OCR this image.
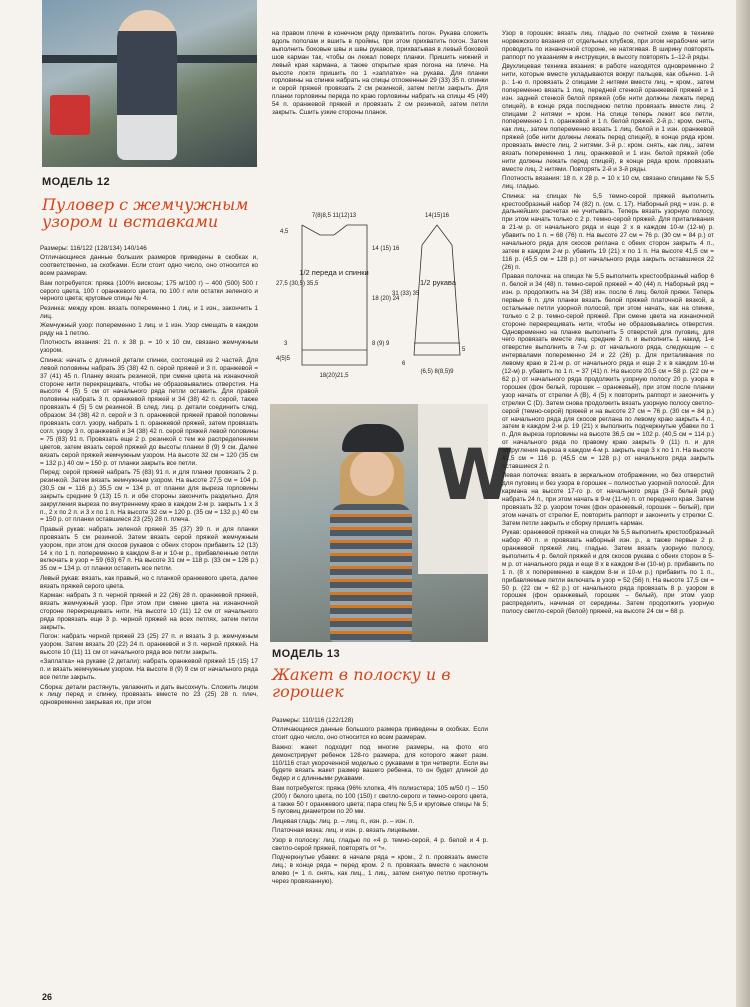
МОДЕЛЬ 12
Пуловер с жемчужным узором и вставками

Размеры: 116/122 (128/134) 140/146

Отличающиеся данные больших размеров приведены в скобках и, соответственно, за скобками. Если стоит одно число, оно относится ко всем размерам.

Вам потребуется: пряжа (100% вискозы; 175 м/100 г) – 400 (500) 500 г серого цвета, 100 г оранжевого цвета, по 100 г или остатки зеленого и черного цвета; круговые спицы № 4.

Резинка: между кром. вязать попеременно 1 лиц. и 1 изн., закончить 1 лиц.

Жемчужный узор: попеременно 1 лиц. и 1 изн. Узор смещать в каждом ряду на 1 петлю.

Плотность вязания: 21 п. x 38 р. = 10 x 10 см, связано жемчужным узором.

Спинка: начать с длинной детали спинки, состоящей из 2 частей. Для левой половины набрать 35 (38) 42 п. серой пряжей и 3 п. оранжевой = 37 (41) 45 п. Планку вязать резинкой, при смене цвета на изнаночной стороне нити перекрещивать, чтобы не образовывались отверстия. На высоте 4 (5) 5 см от начального ряда петли оставить. Для правой половины набрать 3 п. оранжевой пряжей и 34 (38) 42 п. серой, также провязать 4 (5) 5 см резинкой. В след. лиц. р. детали соединить след. образом: 34 (38) 42 п. серой и 3 п. оранжевой пряжей правой половины провязать согл. узору, набрать 1 п. оранжевой пряжей, затем провязать согл. узору 3 п. оранжевой и 34 (38) 42 п. серой пряжей левой половины = 75 (83) 91 п. Провязать еще 2 р. резинкой с тем же распределением цветов, затем вязать серой пряжей до высоты планки 8 (9) 9 см. Далее вязать серой пряжей жемчужным узором. На высоте 32 см = 120 (35 см = 132 р.) 40 см = 150 р. от планки закрыть все петли.

Перед: серой пряжей набрать 75 (83) 91 п. и для планки провязать 2 р. резинкой. Затем вязать жемчужным узором. На высоте 27,5 см = 104 р. (30,5 см = 116 р.) 35,5 см = 134 р. от планки для выреза горловины закрыть средние 9 (13) 15 п. и обе стороны закончить раздельно. Для закругления выреза по внутреннему краю в каждом 2-м р. закрыть 1 x 3 п., 2 x по 2 п. и 3 x по 1 п. На высоте 32 см = 120 р. (35 см = 132 р.) 40 см = 150 р. от планки оставшиеся 23 (25) 28 п. плеча.

Правый рукав: набрать зеленой пряжей 35 (37) 39 п. и для планки провязать 5 см резинкой. Затем вязать серой пряжей жемчужным узором, при этом для скосов рукавов с обеих сторон прибавить 12 (13) 14 x по 1 п. попеременно в каждом 8-м и 10-м р., прибавленные петли включать в узор = 59 (63) 67 п. На высоте 31 см = 118 р. (33 см = 126 р.) 35 см = 134 р. от планки оставить все петли.

Левый рукав: вязать, как правый, но с планкой оранжевого цвета, далее вязать пряжей серого цвета.

Карман: набрать 3 п. черной пряжей и 22 (26) 28 п. оранжевой пряжей, вязать жемчужный узор. При этом при смене цвета на изнаночной стороне перекрещивать нити. На высоте 10 (11) 12 см от начального ряда провязать еще 3 р. черной пряжей на всех петлях, затем петли закрыть.

Погон: набрать черной пряжей 23 (25) 27 п. и вязать 3 р. жемчужным узором. Затем вязать 20 (22) 24 п. оранжевой и 3 п. черной пряжей. На высоте 10 (11) 11 см от начального ряда все петли закрыть.

«Заплатка» на рукаве (2 детали): набрать оранжевой пряжей 15 (15) 17 п. и вязать жемчужным узором. На высоте 8 (9) 9 см от начального ряда все петли закрыть.

Сборка: детали растянуть, увлажнить и дать высохнуть. Сложить лицом к лицу перед и спинку, провязать вместе по 23 (25) 28 п. плеч, одновременно закрывая их, при этом

на правом плече в конечном ряду прихватить погон. Рукава сложить вдоль пополам и вшить в проймы, при этом прихватить погон. Затем выполнить боковые швы и швы рукавов, прихватывая в левый боковой шов карман так, чтобы он лежал поверх планки. Пришить нижний и левый края кармана, а также открытые края погона на плече. На высоте локтя пришить по 1 «заплатке» на рукава. Для планки горловины на спинке набрать на спицы отложенные 29 (33) 35 п. спинки и серой пряжей провязать 2 см резинкой, затем петли закрыть. Для планки горловины переда по краю горловины набрать на спицы 45 (49) 54 п. оранжевой пряжей и провязать 2 см резинкой, затем петли закрыть. Сшить узкие стороны планок.

7(8)8,5 11(12)13
4,5
27,5 (30,5) 35,5
14 (15) 16
18 (20) 24
8 (9) 9
3
4(5)5
18(20)21,5
1/2 переда и спинки
14(15)16
31 (33) 35
1/2 рукава
5
6
(6,5) 8(8,5)9
W
МОДЕЛЬ 13
Жакет в полоску и в горошек

Размеры: 110/116 (122/128)

Отличающиеся данные большого размера приведены в скобках. Если стоит одно число, оно относится ко всем размерам.

Важно: жакет подходит под многие размеры, на фото его демонстрирует ребенок 128-го размера, для которого жакет разм. 110/116 стал укороченной моделью с рукавами в три четверти. Если вы будете вязать жакет размер вашего ребенка, то он будет длиной до бедер и с длинными рукавами.

Вам потребуется: пряжа (96% хлопка, 4% полиэстера; 105 м/50 г) – 150 (200) г белого цвета, по 100 (150) г светло-серого и темно-серого цвета, а также 50 г оранжевого цвета; пара спиц № 5,5 и круговые спицы № 5; 5 пуговиц диаметром по 20 мм.

Лицевая гладь: лиц. р. – лиц. п., изн. р. – изн. п.

Платочная вязка: лиц. и изн. р. вязать лицевыми.

Узор в полоску: лиц. гладью по «4 р. темно-серой, 4 р. белой и 4 р. светло-серой пряжей, повторять от *».

Подчеркнутые убавки: в начале ряда = кром., 2 п. провязать вместе лиц.; в конце ряда = перед кром. 2 п. провязать вместе с наклоном влево (= 1 п. снять, как лиц., 1 лиц., затем снятую петлю протянуть через провязанную).

Узор в горошек: вязать лиц. гладью по счетной схеме в технике норвежского вязания от отдельных клубков, при этом нерабочие нити проводить по изнаночной стороне, не натягивая. В ширину повторять раппорт по указаниям в инструкции, в высоту повторять 1–12-й ряды.

Двухлицевая техника вязания: в работе находятся одновременно 2 нити, которые вместе укладываются вокруг пальцев, как обычно. 1-й р.: 1-ю п. провязать 2 спицами 2 нитями вместе лиц. = кром., затем попеременно вязать 1 лиц. передней стенкой оранжевой пряжей и 1 изн. задней стенкой белой пряжей (обе нити должны лежать перед спицей), в конце ряда последнюю петлю провязать вместе лиц. 2 спицами 2 нитями = кром. На спице теперь лежит все петли, попеременно 1 п. оранжевой и 1 п. белой пряжей. 2-й р.: кром. снять, как лиц., затем попеременно вязать 1 лиц. белой и 1 изн. оранжевой пряжей (обе нити должны лежать перед спицей), в конце ряда кром. провязать вместе лиц. 2 нитями. 3-й р.: кром. снять, как лиц., затем вязать попеременно 1 лиц. оранжевой и 1 изн. белой пряжей (обе нити должны лежать перед спицей), в конце ряда кром. провязать вместе лиц. 2 нитями. Повторять 2-й и 3-й ряды.

Плотность вязания: 18 п. x 28 р. = 10 x 10 см, связано спицами № 5,5 лиц. гладью.

Спинка: на спицах № 5,5 темно-серой пряжей выполнить крестообразный набор 74 (82) п. (см. с. 17). Наборный ряд = изн. р. в дальнейших расчетах не учитывать. Теперь вязать узорную полосу, при этом начать только с 2 р. темно-серой пряжей. Для приталивания в 21-м р. от начального ряда и еще 2 x в каждом 10-м (12-м) р. убавить по 1 п. = 68 (76) п. На высоте 27 см = 76 р. (30 см = 84 р.) от начального ряда для скосов реглана с обеих сторон закрыть 4 п., затем в каждом 2-м р. убавить 19 (21) x по 1 п. На высоте 41,5 см = 116 р. (45,5 см = 128 р.) от начального ряда закрыть оставшиеся 22 (26) п.

Правая полочка: на спицах № 5,5 выполнить крестообразный набор 6 п. белой и 34 (48) п. темно-серой пряжей = 40 (44) п. Наборный ряд = изн. р. продолжить на 34 (38) изн. после 6 лиц. белой пряжи. Теперь первые 6 п. для планки вязать белой пряжей платочной вязкой, а остальные петли узорной полосой, при этом начать, как на спинке, только с 2 р. темно-серой пряжей. При смене цвета на изнаночной стороне перекрещивать нити, чтобы не образовывались отверстия. Одновременно на планке выполнить 5 отверстий для пуговиц, для чего провязать вместе лиц. средние 2 п. и выполнить 1 накид. 1-е отверстие выполнить в 7-м р. от начального ряда, следующие – с интервалами попеременно 24 и 22 (26) р. Для приталивания по левому краю в 21-м р. от начального ряда и еще 2 x в каждом 10-м (12-м) р. убавить по 1 п. = 37 (41) п. На высоте 20,5 см = 58 р. (22 см = 62 р.) от начального ряда продолжить узорную полосу 20 р. узора в горошек (фон белый, горошек – оранжевый), при этом после планки узор начать от стрелки A (B), 4 (5) x повторить раппорт и закончить у стрелки C (D). Затем снова продолжить вязать узорную полосу светло-серой (темно-серой) пряжей и на высоте 27 см = 76 р. (30 см = 84 р.) от начального ряда для скосов реглана по левому краю закрыть 4 п., затем в каждом 2-м р. 19 (21) x выполнить подчеркнутые убавки по 1 п. Для выреза горловины на высоте 36,5 см = 102 р. (40,5 см = 114 р.) от начального ряда по правому краю закрыть 9 (11) п. и для закругления выреза в каждом 4-м р. закрыть еще 3 x по 1 п. На высоте 41,5 см = 116 р. (45,5 см = 128 р.) от начального ряда закрыть оставшиеся 2 п.

Левая полочка: вязать в зеркальном отображении, но без отверстий для пуговиц и без узора в горошек – полностью узорной полосой. Для кармана на высоте 17-го р. от начального ряда (3-й белый ряд) набрать 24 п., при этом начать в 9-м (11-м) п. от переднего края. Затем провязать 32 р. узором точек (фон оранжевый, горошек – белый), при этом начать от стрелки E, повторить раппорт и закончить у стрелки C. Затем петли закрыть и сборку пришить карман.

Рукав: оранжевой пряжей на спицах № 5,5 выполнить крестообразный набор 40 п. и провязать наборный изн. р., а также первые 2 р. оранжевой пряжей лиц. гладью. Затем вязать узорную полосу, выполнить 4 р. белой пряжей и для скосов рукава с обеих сторон в 5-м р. от начального ряда и еще 8 x в каждом 8-м (10-м) р. прибавить по 1 п. (8 x попеременно в каждом 8-м и 10-м р.) прибавить по 1 п., прибавляемые петли включать в узор = 52 (56) п. На высоте 17,5 см = 50 р. (22 см = 62 р.) от начального ряда провязать 8 р. узором в горошек (фон оранжевый, горошек – белый), при этом узор распределить, начиная от середины. Затем продолжить узорную полосу светло-серой (белой) пряжей, на высоте 24 см = 68 р.

26
